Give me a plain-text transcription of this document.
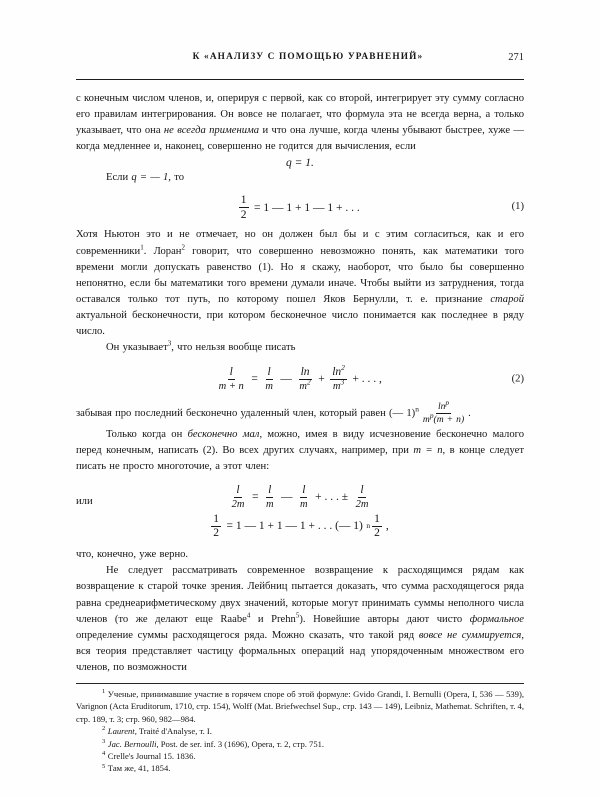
К «АНАЛИЗУ С ПОМОЩЬЮ УРАВНЕНИЙ»	271

с конечным числом членов, и, оперируя с первой, как со второй, интегрирует эту сумму согласно его правилам интегрирования. Он вовсе не полагает, что формула эта не всегда верна, а только указывает, что она не всегда применима и что она лучше, когда члены убывают быстрее, хуже — когда медленнее и, наконец, совершенно не годится для вычисления, если

q = 1.

Если q = — 1, то

$\frac{1}{2} = 1$ — 1 + 1 — 1 + . . .	(1)

Хотя Ньютон это и не отмечает, но он должен был бы и с этим согласиться, как и его современники$^1$. Лоран$^2$ говорит, что совершенно невозможно понять, как математики того времени могли допускать равенство (1). Но я скажу, наоборот, что было бы совершенно непонятно, если бы математики того времени думали иначе. Чтобы выйти из затруднения, тогда оставался только тот путь, по которому пошел Яков Бернулли, т. е. признание старой актуальной бесконечности, при котором бесконечное число понимается как последнее в ряду число.

Он указывает$^3$, что нельзя вообще писать

$\frac{l}{m + n} = \frac{l}{m}$ — $\frac{\ln}{m^2} + \frac{\ln^2}{m^3}$ + . . . ,	(2)

забывая про последний бесконечно удаленный член, который равен (— $1)^n \frac{\ln^p}{m^p(m + n)}$ .

Только когда он бесконечно мал, можно, имея в виду исчезновение бесконечно малого перед конечным, написать (2). Во всех других случаях, например, при m = n, в конце следует писать не просто многоточие, а этот член:

$\frac{l}{2m} = \frac{l}{m}$ — $\frac{l}{m}$ + . . . ± $\frac{l}{2m}$
или
$\frac{1}{2} = 1$ — 1 + 1 — 1 + . . . (— 1) n $\frac{1}{2}$ ,

что, конечно, уже верно.

Не следует рассматривать современное возвращение к расходящимся рядам как возвращение к старой точке зрения. Лейбниц пытается доказать, что сумма расходящегося ряда равна среднеарифметическому двух значений, которые могут принимать суммы неполного числа членов (то же делают еще Raabe$^4$ и Prehn$^5$). Новейшие авторы дают чисто формальное определение суммы расходящегося ряда. Можно сказать, что такой ряд вовсе не суммируется, вся теория представляет частицу формальных операций над упорядоченным множеством его членов, по возможности

$^1$ Ученые, принимавшие участие в горячем споре об этой формуле: Gvido Grandi, I. Bernulli (Opera, I, 536 — 539), Varignon (Acta Eruditorum, 1710, стр. 154), Wolff (Mat. Briefwechsel Sup., стр. 143 — 149), Leibniz, Mathemat. Schriften, т. 4, стр. 189, т. 3; стр. 960, 982—984.

$^2$ Laurent, Traité d'Analyse, т. I.

$^3$ Jac. Bernoulli, Post. de ser. inf. 3 (1696), Opera, т. 2, стр. 751.

$^4$ Crelle's Journal 15. 1836.

$^5$ Там же, 41, 1854.
